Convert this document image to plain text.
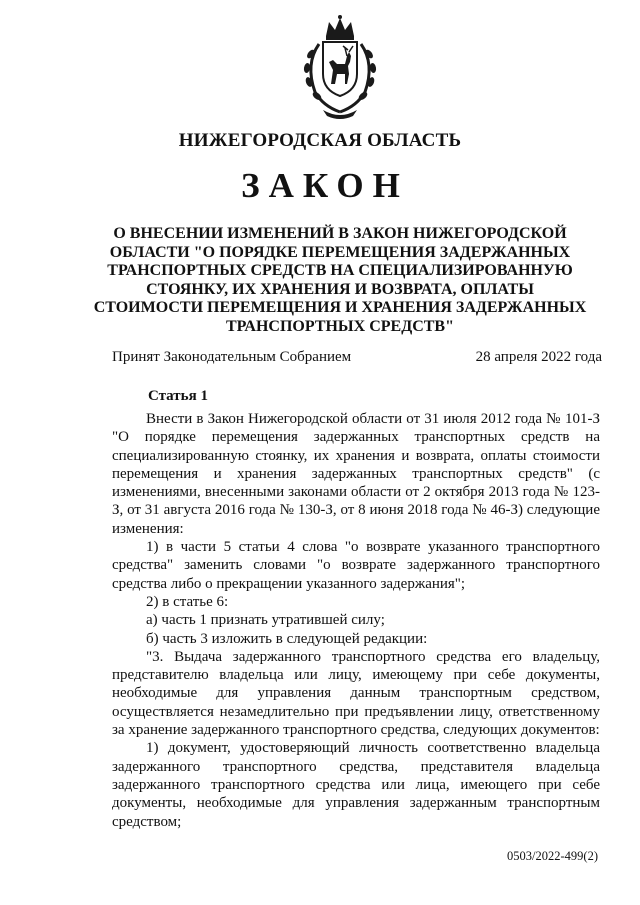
НИЖЕГОРОДСКАЯ ОБЛАСТЬ
ЗАКОН
О ВНЕСЕНИИ ИЗМЕНЕНИЙ В ЗАКОН НИЖЕГОРОДСКОЙ ОБЛАСТИ "О ПОРЯДКЕ ПЕРЕМЕЩЕНИЯ ЗАДЕРЖАННЫХ ТРАНСПОРТНЫХ СРЕДСТВ НА СПЕЦИАЛИЗИРОВАННУЮ СТОЯНКУ, ИХ ХРАНЕНИЯ И ВОЗВРАТА, ОПЛАТЫ СТОИМОСТИ ПЕРЕМЕЩЕНИЯ И ХРАНЕНИЯ ЗАДЕРЖАННЫХ ТРАНСПОРТНЫХ СРЕДСТВ"
Принят Законодательным Собранием	28 апреля 2022 года
Статья 1

Внести в Закон Нижегородской области от 31 июля 2012 года № 101-З "О порядке перемещения задержанных транспортных средств на специализированную стоянку, их хранения и возврата, оплаты стоимости перемещения и хранения задержанных транспортных средств" (с изменениями, внесенными законами области от 2 октября 2013 года № 123-З, от 31 августа 2016 года № 130-З, от 8 июня 2018 года № 46-З) следующие изменения:

1) в части 5 статьи 4 слова "о возврате указанного транспортного средства" заменить словами "о возврате задержанного транспортного средства либо о прекращении указанного задержания";

2) в статье 6:

а) часть 1 признать утратившей силу;

б) часть 3 изложить в следующей редакции:

"3. Выдача задержанного транспортного средства его владельцу, представителю владельца или лицу, имеющему при себе документы, необходимые для управления данным транспортным средством, осуществляется незамедлительно при предъявлении лицу, ответственному за хранение задержанного транспортного средства, следующих документов:

1) документ, удостоверяющий личность соответственно владельца задержанного транспортного средства, представителя владельца задержанного транспортного средства или лица, имеющего при себе документы, необходимые для управления задержанным транспортным средством;

0503/2022-499(2)
